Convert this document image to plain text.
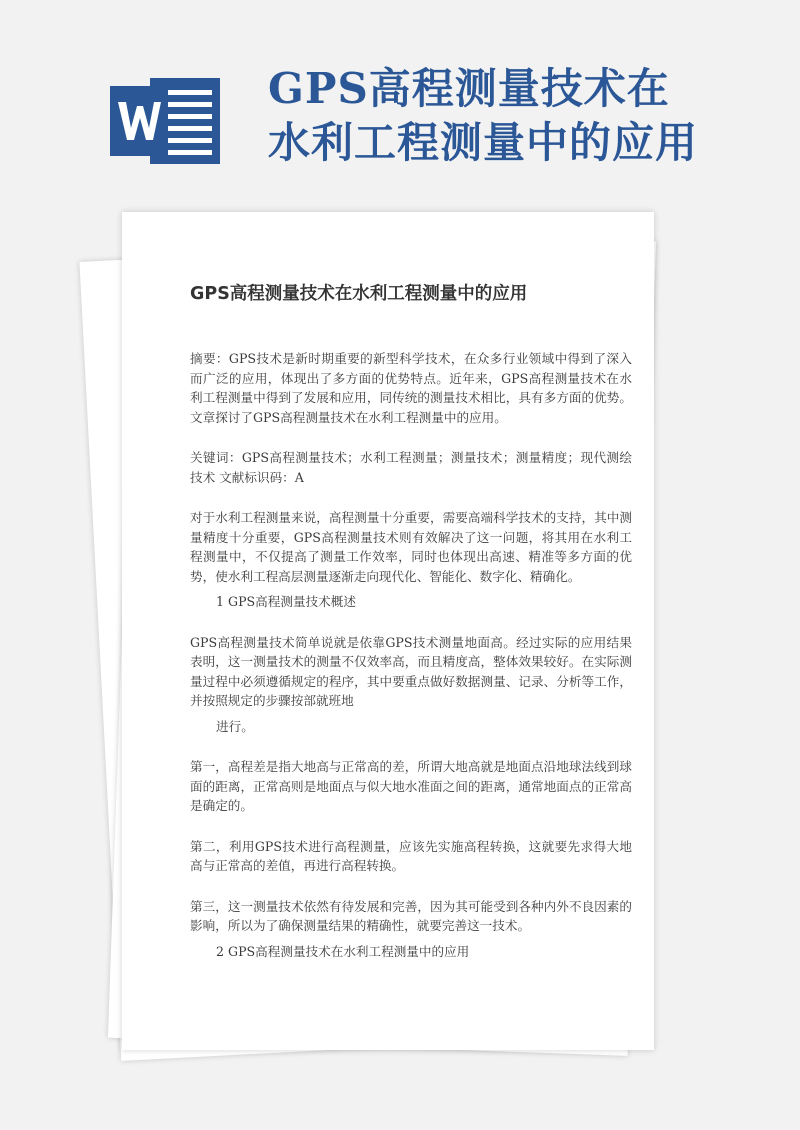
GPS高程测量技术在
水利工程测量中的应用
GPS高程测量技术在水利工程测量中的应用

摘要：GPS技术是新时期重要的新型科学技术，在众多行业领域中得到了深入而广泛的应用，体现出了多方面的优势特点。近年来，GPS高程测量技术在水利工程测量中得到了发展和应用，同传统的测量技术相比，具有多方面的优势。文章探讨了GPS高程测量技术在水利工程测量中的应用。

关键词：GPS高程测量技术；水利工程测量；测量技术；测量精度；现代测绘技术 文献标识码：A

对于水利工程测量来说，高程测量十分重要，需要高端科学技术的支持，其中测量精度十分重要，GPS高程测量技术则有效解决了这一问题，将其用在水利工程测量中，不仅提高了测量工作效率，同时也体现出高速、精准等多方面的优势，使水利工程高层测量逐渐走向现代化、智能化、数字化、精确化。

1 GPS高程测量技术概述

GPS高程测量技术简单说就是依靠GPS技术测量地面高。经过实际的应用结果表明，这一测量技术的测量不仅效率高，而且精度高，整体效果较好。在实际测量过程中必须遵循规定的程序，其中要重点做好数据测量、记录、分析等工作，并按照规定的步骤按部就班地

进行。

第一，高程差是指大地高与正常高的差，所谓大地高就是地面点沿地球法线到球面的距离，正常高则是地面点与似大地水准面之间的距离，通常地面点的正常高是确定的。

第二，利用GPS技术进行高程测量，应该先实施高程转换，这就要先求得大地高与正常高的差值，再进行高程转换。

第三，这一测量技术依然有待发展和完善，因为其可能受到各种内外不良因素的影响，所以为了确保测量结果的精确性，就要完善这一技术。

2 GPS高程测量技术在水利工程测量中的应用
